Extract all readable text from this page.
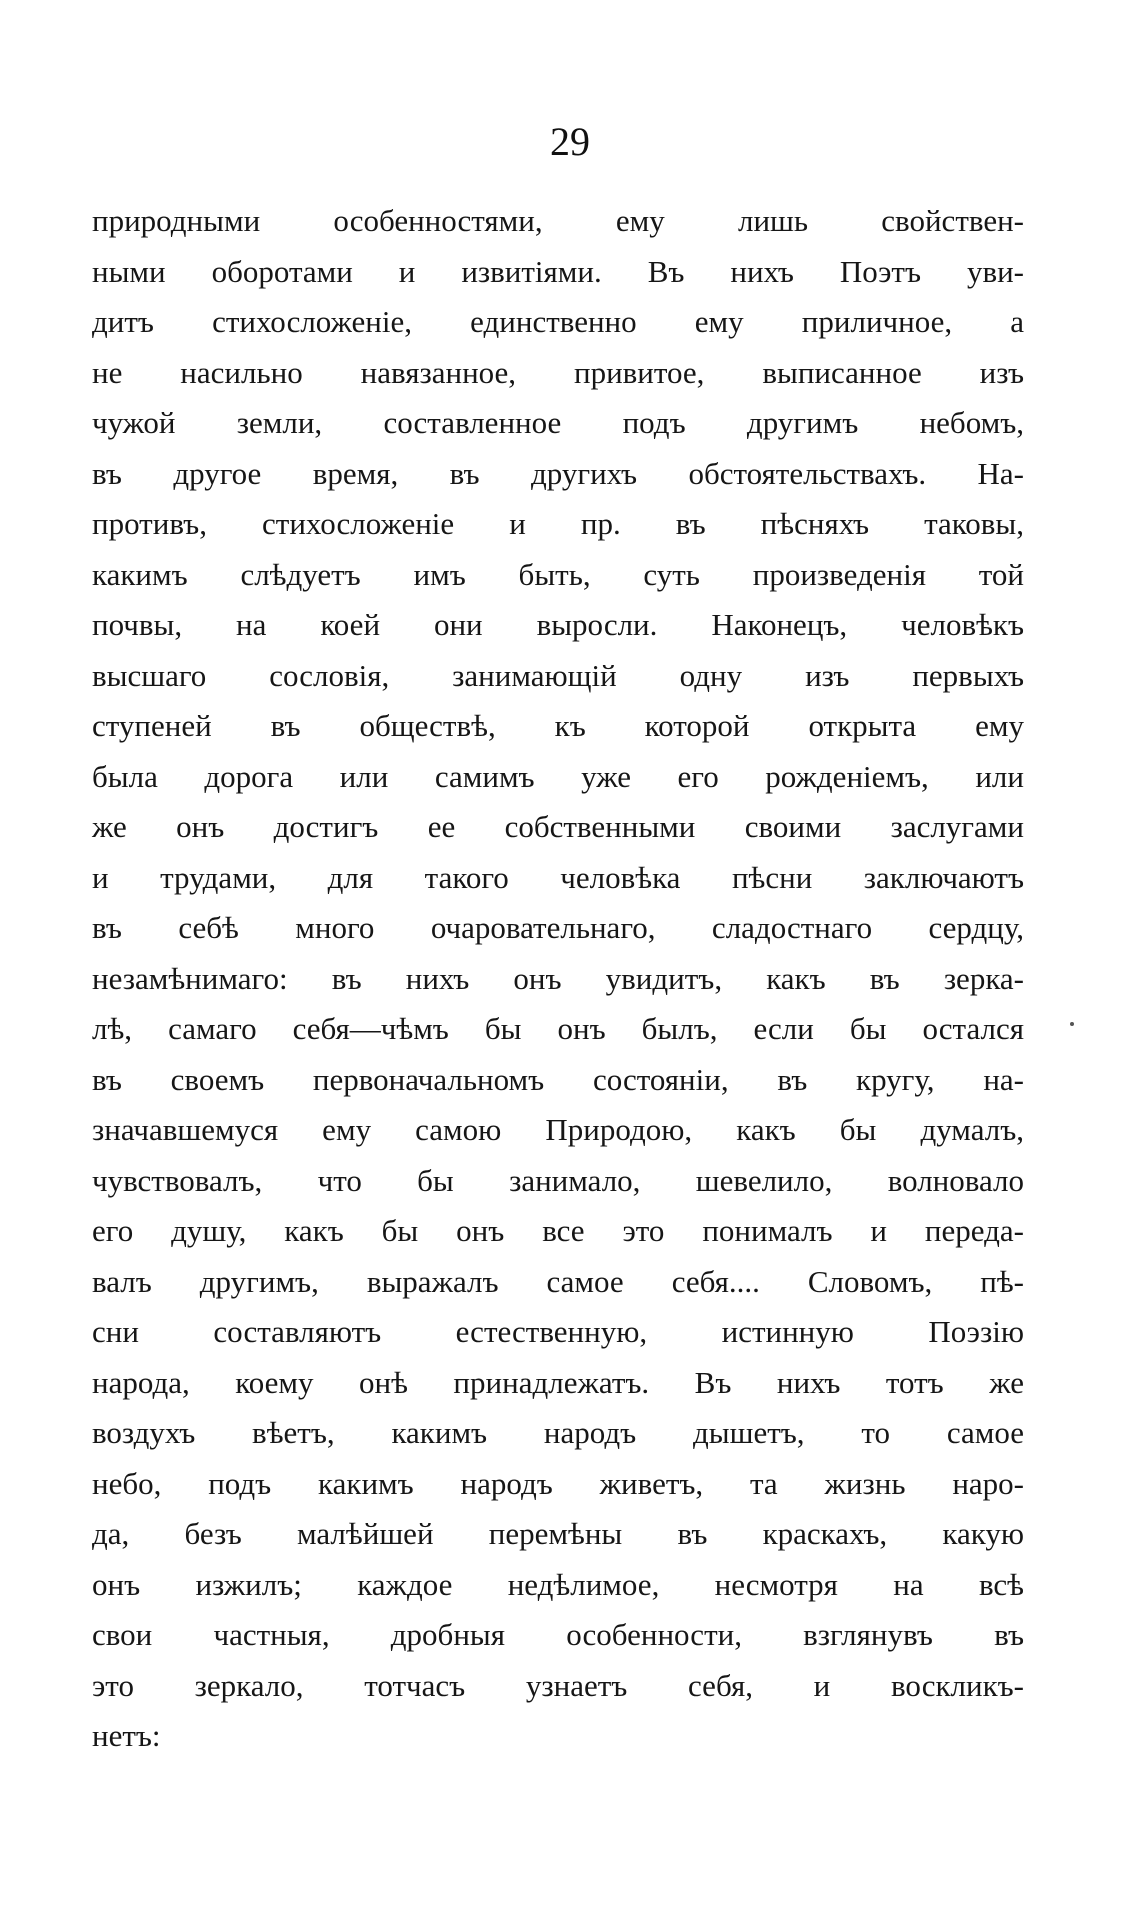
29
природными особенностями, ему лишь свойствен-
ными оборотами и извитіями. Въ нихъ Поэтъ уви-
дитъ стихосложеніе, единственно ему приличное, а
не насильно навязанное, привитое, выписанное изъ
чужой земли, составленное подъ другимъ небомъ,
въ другое время, въ другихъ обстоятельствахъ. На-
противъ, стихосложеніе и пр. въ пѣсняхъ таковы,
какимъ слѣдуетъ имъ быть, суть произведенія той
почвы, на коей они выросли. Наконецъ, человѣкъ
высшаго сословія, занимающій одну изъ первыхъ
ступеней въ обществѣ, къ которой открыта ему
была дорога или самимъ уже его рожденіемъ, или
же онъ достигъ ее собственными своими заслугами
и трудами, для такого человѣка пѣсни заключаютъ
въ себѣ много очаровательнаго, сладостнаго сердцу,
незамѣнимаго: въ нихъ онъ увидитъ, какъ въ зерка-
лѣ, самаго себя—чѣмъ бы онъ былъ, если бы остался
въ своемъ первоначальномъ состояніи, въ кругу, на-
значавшемуся ему самою Природою, какъ бы думалъ,
чувствовалъ, что бы занимало, шевелило, волновало
его душу, какъ бы онъ все это понималъ и переда-
валъ другимъ, выражалъ самое себя.... Словомъ, пѣ-
сни составляютъ естественную, истинную Поэзію
народа, коему онѣ принадлежатъ. Въ нихъ тотъ же
воздухъ вѣетъ, какимъ народъ дышетъ, то самое
небо, подъ какимъ народъ живетъ, та жизнь наро-
да, безъ малѣйшей перемѣны въ краскахъ, какую
онъ изжилъ; каждое недѣлимое, несмотря на всѣ
свои частныя, дробныя особенности, взглянувъ въ
это зеркало, тотчасъ узнаетъ себя, и воскликъ-
нетъ:
